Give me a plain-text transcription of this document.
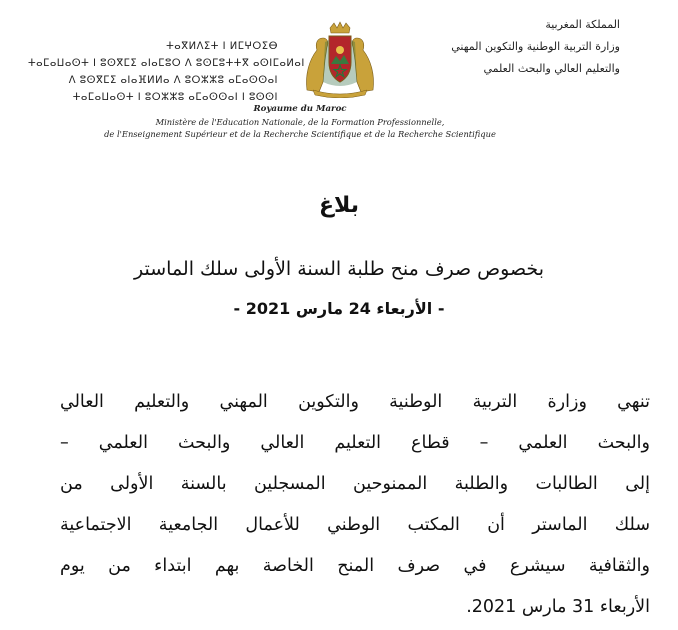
ⵜⴰⴳⵍⴷⵉⵜ ⵏ ⵍⵎⵖⵔⵉⴱ
ⵜⴰⵎⴰⵡⴰⵙⵜ ⵏ ⵓⵙⴳⵎⵉ ⴰⵏⴰⵎⵓⵔ ⴷ ⵓⵙⵎⵓⵜⵜⴳ ⴰⵙⵏⵎⴰⵍⴰⵏ
ⴷ ⵓⵙⴳⵎⵉ ⴰⵏⴰⴼⵍⵍⴰ ⴷ ⵓⵔⵣⵣⵓ ⴰⵎⴰⵙⵙⴰⵏ
ⵜⴰⵎⴰⵡⴰⵙⵜ ⵏ ⵓⵔⵣⵣⵓ ⴰⵎⴰⵙⵙⴰⵏ ⵏ ⵓⵙⵙⵏ
المملكة المغربية
وزارة التربية الوطنية والتكوين المهني
والتعليم العالي والبحث العلمي
Royaume du Maroc
Ministère de l'Education Nationale, de la Formation Professionnelle,
de l'Enseignement Supérieur et de la Recherche Scientifique et de la Recherche Scientifique
بلاغ
بخصوص صرف منح طلبة السنة الأولى سلك الماستر
- الأربعاء 24 مارس 2021 -
تنهي وزارة التربية الوطنية والتكوين المهني والتعليم العالي
والبحث العلمي – قطاع التعليم العالي والبحث العلمي –
إلى الطالبات والطلبة الممنوحين المسجلين بالسنة الأولى من
سلك الماستر أن المكتب الوطني للأعمال الجامعية الاجتماعية
والثقافية سيشرع في صرف المنح الخاصة بهم ابتداء من يوم
الأربعاء 31 مارس 2021.
